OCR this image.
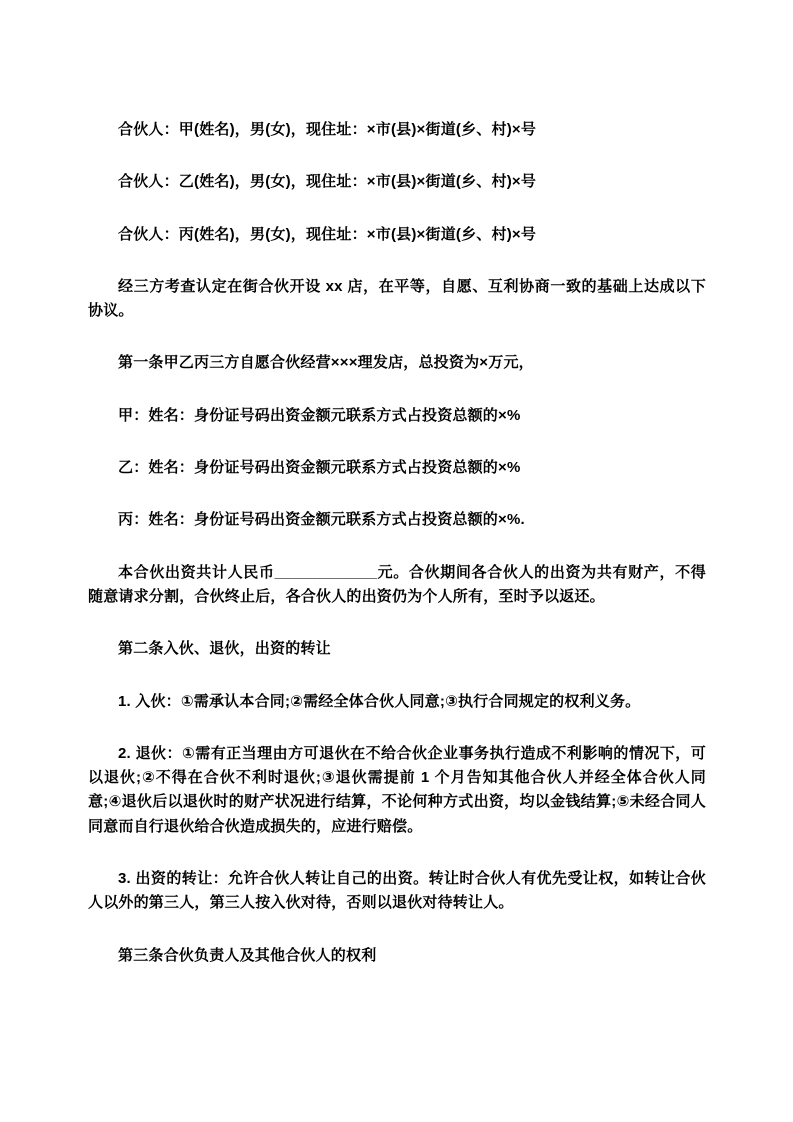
合伙人：甲(姓名)，男(女)，现住址：×市(县)×街道(乡、村)×号

合伙人：乙(姓名)，男(女)，现住址：×市(县)×街道(乡、村)×号

合伙人：丙(姓名)，男(女)，现住址：×市(县)×街道(乡、村)×号

经三方考查认定在街合伙开设 xx 店，在平等，自愿、互利协商一致的基础上达成以下协议。

第一条甲乙丙三方自愿合伙经营×××理发店，总投资为×万元，

甲：姓名：身份证号码出资金额元联系方式占投资总额的×%

乙：姓名：身份证号码出资金额元联系方式占投资总额的×%

丙：姓名：身份证号码出资金额元联系方式占投资总额的×%.

本合伙出资共计人民币____________元。合伙期间各合伙人的出资为共有财产，不得随意请求分割，合伙终止后，各合伙人的出资仍为个人所有，至时予以返还。

第二条入伙、退伙，出资的转让

1. 入伙：①需承认本合同;②需经全体合伙人同意;③执行合同规定的权利义务。

2. 退伙：①需有正当理由方可退伙在不给合伙企业事务执行造成不利影响的情况下，可以退伙;②不得在合伙不利时退伙;③退伙需提前 1 个月告知其他合伙人并经全体合伙人同意;④退伙后以退伙时的财产状况进行结算，不论何种方式出资，均以金钱结算;⑤未经合同人同意而自行退伙给合伙造成损失的，应进行赔偿。

3. 出资的转让：允许合伙人转让自己的出资。转让时合伙人有优先受让权，如转让合伙人以外的第三人，第三人按入伙对待，否则以退伙对待转让人。

第三条合伙负责人及其他合伙人的权利
